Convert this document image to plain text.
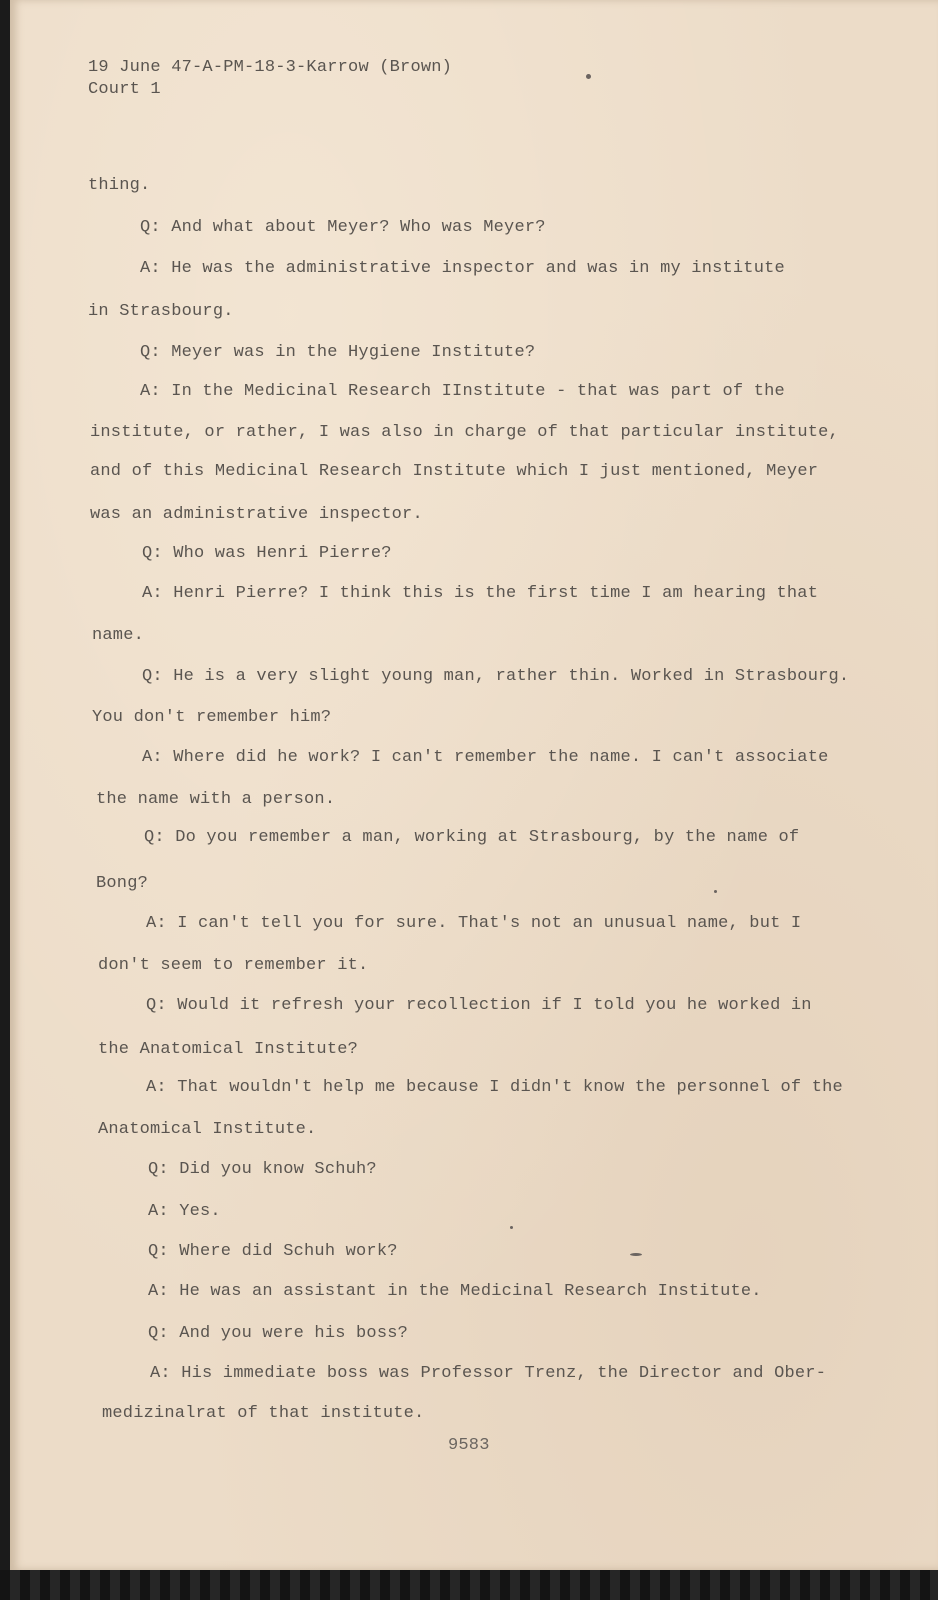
19 June 47-A-PM-18-3-Karrow (Brown)

Court 1

thing.

Q: And what about Meyer? Who was Meyer?

A: He was the administrative inspector and was in my institute

in Strasbourg.

Q: Meyer was in the Hygiene Institute?

A: In the Medicinal Research IInstitute - that was part of the

institute, or rather, I was also in charge of that particular institute,

and of this Medicinal Research Institute which I just mentioned, Meyer

was an administrative inspector.

Q: Who was Henri Pierre?

A: Henri Pierre? I think this is the first time I am hearing that

name.

Q: He is a very slight young man, rather thin. Worked in Strasbourg.

You don't remember him?

A: Where did he work? I can't remember the name. I can't associate

the name with a person.

Q: Do you remember a man, working at Strasbourg, by the name of

Bong?

A: I can't tell you for sure. That's not an unusual name, but I

don't seem to remember it.

Q: Would it refresh your recollection if I told you he worked in

the Anatomical Institute?

A: That wouldn't help me because I didn't know the personnel of the

Anatomical Institute.

Q: Did you know Schuh?

A: Yes.

Q: Where did Schuh work?

A: He was an assistant in the Medicinal Research Institute.

Q: And you were his boss?

A: His immediate boss was Professor Trenz, the Director and Ober-

medizinalrat of that institute.

9583
